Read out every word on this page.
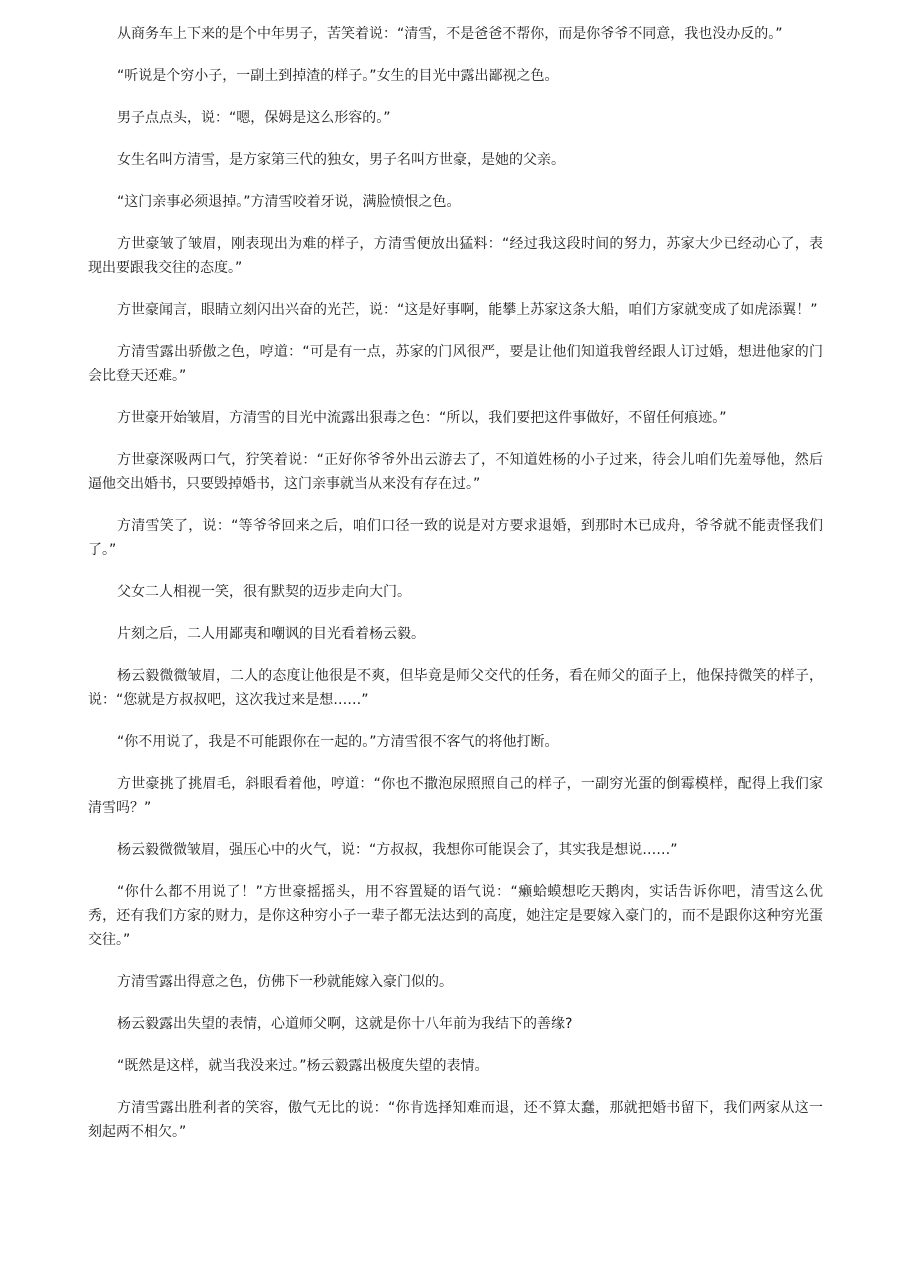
从商务车上下来的是个中年男子，苦笑着说：“清雪，不是爸爸不帮你，而是你爷爷不同意，我也没办反的。”

“听说是个穷小子，一副土到掉渣的样子。”女生的目光中露出鄙视之色。

男子点点头，说：“嗯，保姆是这么形容的。”

女生名叫方清雪，是方家第三代的独女，男子名叫方世豪，是她的父亲。

“这门亲事必须退掉。”方清雪咬着牙说，满脸愤恨之色。

方世豪皱了皱眉，刚表现出为难的样子，方清雪便放出猛料：“经过我这段时间的努力，苏家大少已经动心了，表现出要跟我交往的态度。”

方世豪闻言，眼睛立刻闪出兴奋的光芒，说：“这是好事啊，能攀上苏家这条大船，咱们方家就变成了如虎添翼！”

方清雪露出骄傲之色，哼道：“可是有一点，苏家的门风很严，要是让他们知道我曾经跟人订过婚，想进他家的门会比登天还难。”

方世豪开始皱眉，方清雪的目光中流露出狠毒之色：“所以，我们要把这件事做好，不留任何痕迹。”

方世豪深吸两口气，狞笑着说：“正好你爷爷外出云游去了，不知道姓杨的小子过来，待会儿咱们先羞辱他，然后逼他交出婚书，只要毁掉婚书，这门亲事就当从来没有存在过。”

方清雪笑了，说：“等爷爷回来之后，咱们口径一致的说是对方要求退婚，到那时木已成舟，爷爷就不能责怪我们了。”

父女二人相视一笑，很有默契的迈步走向大门。

片刻之后，二人用鄙夷和嘲讽的目光看着杨云毅。

杨云毅微微皱眉，二人的态度让他很是不爽，但毕竟是师父交代的任务，看在师父的面子上，他保持微笑的样子，说：“您就是方叔叔吧，这次我过来是想……”

“你不用说了，我是不可能跟你在一起的。”方清雪很不客气的将他打断。

方世豪挑了挑眉毛，斜眼看着他，哼道：“你也不撒泡尿照照自己的样子，一副穷光蛋的倒霉模样，配得上我们家清雪吗？”

杨云毅微微皱眉，强压心中的火气，说：“方叔叔，我想你可能误会了，其实我是想说……”

“你什么都不用说了！”方世豪摇摇头，用不容置疑的语气说：“癞蛤蟆想吃天鹅肉，实话告诉你吧，清雪这么优秀，还有我们方家的财力，是你这种穷小子一辈子都无法达到的高度，她注定是要嫁入豪门的，而不是跟你这种穷光蛋交往。”

方清雪露出得意之色，仿佛下一秒就能嫁入豪门似的。

杨云毅露出失望的表情，心道师父啊，这就是你十八年前为我结下的善缘?

“既然是这样，就当我没来过。”杨云毅露出极度失望的表情。

方清雪露出胜利者的笑容，傲气无比的说：“你肯选择知难而退，还不算太蠢，那就把婚书留下，我们两家从这一刻起两不相欠。”
